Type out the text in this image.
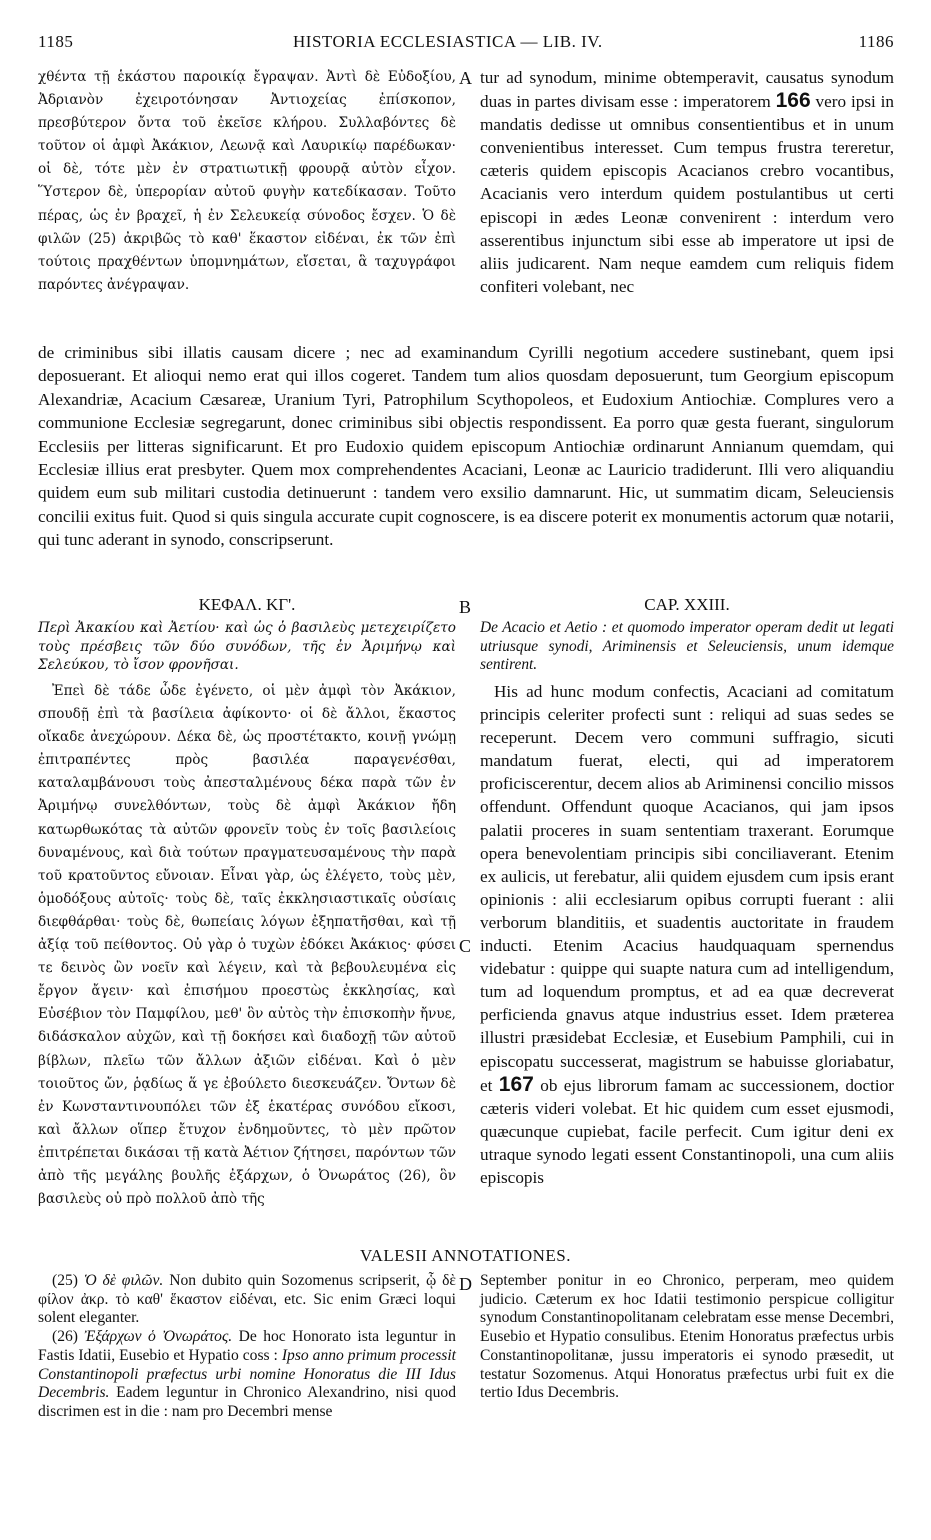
1185	HISTORIA ECCLESIASTICA — LIB. IV.	1186

χθέντα τῇ ἑκάστου παροικίᾳ ἔγραψαν. Ἀντὶ δὲ Εὐδοξίου, Ἀδριανὸν ἐχειροτόνησαν Ἀντιοχείας ἐπίσκοπον, πρεσβύτερον ὄντα τοῦ ἐκεῖσε κλήρου. Συλλαβόντες δὲ τοῦτον οἱ ἀμφὶ Ἀκάκιον, Λεωνᾷ καὶ Λαυρικίῳ παρέδωκαν· οἱ δὲ, τότε μὲν ἐν στρατιωτικῇ φρουρᾷ αὐτὸν εἶχον. Ὕστερον δὲ, ὑπερορίαν αὐτοῦ φυγὴν κατεδίκασαν. Τοῦτο πέρας, ὡς ἐν βραχεῖ, ἡ ἐν Σελευκείᾳ σύνοδος ἔσχεν. Ὁ δὲ φιλῶν (25) ἀκριβῶς τὸ καθ' ἕκαστον εἰδέναι, ἐκ τῶν ἐπὶ τούτοις πραχθέντων ὑπομνημάτων, εἴσεται, ἃ ταχυγράφοι παρόντες ἀνέγραψαν.

A tur ad synodum, minime obtemperavit, causatus synodum duas in partes divisam esse : imperatorem 166 vero ipsi in mandatis dedisse ut omnibus consentientibus et in unum convenientibus interesset. Cum tempus frustra tereretur, cæteris quidem episcopis Acacianos crebro vocantibus, Acacianis vero interdum quidem postulantibus ut certi episcopi in ædes Leonæ convenirent : interdum vero asserentibus injunctum sibi esse ab imperatore ut ipsi de aliis judicarent. Nam neque eamdem cum reliquis fidem confiteri volebant, nec

de criminibus sibi illatis causam dicere ; nec ad examinandum Cyrilli negotium accedere sustinebant, quem ipsi deposuerant. Et alioqui nemo erat qui illos cogeret. Tandem tum alios quosdam deposuerunt, tum Georgium episcopum Alexandriæ, Acacium Cæsareæ, Uranium Tyri, Patrophilum Scythopoleos, et Eudoxium Antiochiæ. Complures vero a communione Ecclesiæ segregarunt, donec criminibus sibi objectis respondissent. Ea porro quæ gesta fuerant, singulorum Ecclesiis per litteras significarunt. Et pro Eudoxio quidem episcopum Antiochiæ ordinarunt Annianum quemdam, qui Ecclesiæ illius erat presbyter. Quem mox comprehendentes Acaciani, Leonæ ac Lauricio tradiderunt. Illi vero aliquandiu quidem eum sub militari custodia detinuerunt : tandem vero exsilio damnarunt. Hic, ut summatim dicam, Seleuciensis concilii exitus fuit. Quod si quis singula accurate cupit cognoscere, is ea discere poterit ex monumentis actorum quæ notarii, qui tunc aderant in synodo, conscripserunt.

ΚΕΦΑΛ. ΚΓ'.	B	CAP. XXIII.
Περὶ Ἀκακίου καὶ Ἀετίου· καὶ ὡς ὁ βασιλεὺς μετεχειρίζετο τοὺς πρέσβεις τῶν δύο συνόδων, τῆς ἐν Ἀριμήνῳ καὶ Σελεύκου, τὸ ἴσον φρονῆσαι.
De Acacio et Aetio : et quomodo imperator operam dedit ut legati utriusque synodi, Ariminensis et Seleuciensis, unum idemque sentirent.

Ἐπεὶ δὲ τάδε ὧδε ἐγένετο, οἱ μὲν ἀμφὶ τὸν Ἀκάκιον, σπουδῇ ἐπὶ τὰ βασίλεια ἀφίκοντο· οἱ δὲ ἄλλοι, ἕκαστος οἴκαδε ἀνεχώρουν. Δέκα δὲ, ὡς προστέτακτο, κοινῇ γνώμῃ ἐπιτραπέντες πρὸς βασιλέα παραγενέσθαι, καταλαμβάνουσι τοὺς ἀπεσταλμένους δέκα παρὰ τῶν ἐν Ἀριμήνῳ συνελθόντων, τοὺς δὲ ἀμφὶ Ἀκάκιον ἤδη κατωρθωκότας τὰ αὐτῶν φρονεῖν τοὺς ἐν τοῖς βασιλείοις δυναμένους, καὶ διὰ τούτων πραγματευσαμένους τὴν παρὰ τοῦ κρατοῦντος εὔνοιαν. Εἶναι γὰρ, ὡς ἐλέγετο, τοὺς μὲν, ὁμοδόξους αὐτοῖς· τοὺς δὲ, ταῖς ἐκκλησιαστικαῖς οὐσίαις διεφθάρθαι· τοὺς δὲ, θωπείαις λόγων ἐξηπατῆσθαι, καὶ τῇ ἀξίᾳ τοῦ πείθοντος. Οὐ γὰρ ὁ τυχὼν ἐδόκει Ἀκάκιος· φύσει τε δεινὸς ὢν νοεῖν καὶ λέγειν, καὶ τὰ βεβουλευμένα εἰς ἔργον ἄγειν· καὶ ἐπισήμου προεστὼς ἐκκλησίας, καὶ Εὐσέβιον τὸν Παμφίλου, μεθ' ὃν αὐτὸς τὴν ἐπισκοπὴν ἤνυε, διδάσκαλον αὐχῶν, καὶ τῇ δοκήσει καὶ διαδοχῇ τῶν αὐτοῦ βίβλων, πλεῖω τῶν ἄλλων ἀξιῶν εἰδέναι. Καὶ ὁ μὲν τοιοῦτος ὤν, ῥᾳδίως ἅ γε ἐβούλετο διεσκευάζεν. Ὄντων δὲ ἐν Κωνσταντινουπόλει τῶν ἐξ ἑκατέρας συνόδου εἴκοσι, καὶ ἄλλων οἵπερ ἔτυχον ἐνδημοῦντες, τὸ μὲν πρῶτον ἐπιτρέπεται δικάσαι τῇ κατὰ Ἀέτιον ζήτησει, παρόντων τῶν ἀπὸ τῆς μεγάλης βουλῆς ἐξάρχων, ὁ Ὀνωράτος (26), ὃν βασιλεὺς οὐ πρὸ πολλοῦ ἀπὸ τῆς

C

His ad hunc modum confectis, Acaciani ad comitatum principis celeriter profecti sunt : reliqui ad suas sedes se receperunt. Decem vero communi suffragio, sicuti mandatum fuerat, electi, qui ad imperatorem proficiscerentur, decem alios ab Ariminensi concilio missos offendunt. Offendunt quoque Acacianos, qui jam ipsos palatii proceres in suam sententiam traxerant. Eorumque opera benevolentiam principis sibi conciliaverant. Etenim ex aulicis, ut ferebatur, alii quidem ejusdem cum ipsis erant opinionis : alii ecclesiarum opibus corrupti fuerant : alii verborum blanditiis, et suadentis auctoritate in fraudem inducti. Etenim Acacius haudquaquam spernendus videbatur : quippe qui suapte natura cum ad intelligendum, tum ad loquendum promptus, et ad ea quæ decreverat perficienda gnavus atque industrius esset. Idem præterea illustri præsidebat Ecclesiæ, et Eusebium Pamphili, cui in episcopatu successerat, magistrum se habuisse gloriabatur, et 167 ob ejus librorum famam ac successionem, doctior cæteris videri volebat. Et hic quidem cum esset ejusmodi, quæcunque cupiebat, facile perfecit. Cum igitur deni ex utraque synodo legati essent Constantinopoli, una cum aliis episcopis

VALESII ANNOTATIONES.

(25) Ὁ δὲ φιλῶν. Non dubito quin Sozomenus scripserit, ᾧ δὲ φίλον ἀκρ. τὸ καθ' ἕκαστον εἰδέναι, etc. Sic enim Græci loqui solent eleganter.

(26) Ἐξάρχων ὁ Ὀνωράτος. De hoc Honorato ista leguntur in Fastis Idatii, Eusebio et Hypatio coss : Ipso anno primum processit Constantinopoli præfectus urbi nomine Honoratus die III Idus Decembris. Eadem leguntur in Chronico Alexandrino, nisi quod discrimen est in die : nam pro Decembri mense

D September ponitur in eo Chronico, perperam, meo quidem judicio. Cæterum ex hoc Idatii testimonio perspicue colligitur synodum Constantinopolitanam celebratam esse mense Decembri, Eusebio et Hypatio consulibus. Etenim Honoratus præfectus urbis Constantinopolitanæ, jussu imperatoris ei synodo præsedit, ut testatur Sozomenus. Atqui Honoratus præfectus urbi fuit ex die tertio Idus Decembris.
